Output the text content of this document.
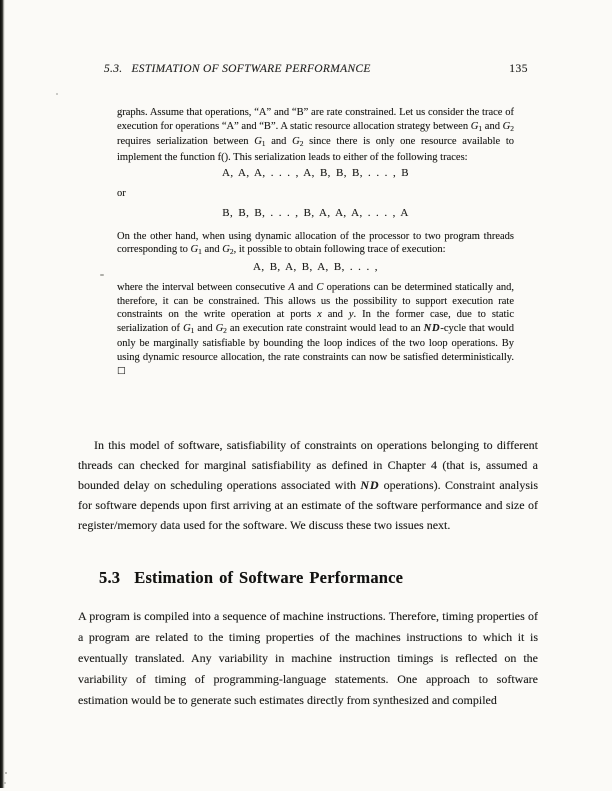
5.3. ESTIMATION OF SOFTWARE PERFORMANCE	135

graphs. Assume that operations, “A” and “B” are rate constrained. Let us consider the trace of execution for operations “A” and “B”. A static resource allocation strategy between $G_1$ and $G_2$ requires serialization between $G_1$ and $G_2$ since there is only one resource available to implement the function f(). This serialization leads to either of the following traces:

A, A, A, . . . , A, B, B, B, . . . , B
or
B, B, B, . . . , B, A, A, A, . . . , A

On the other hand, when using dynamic allocation of the processor to two program threads corresponding to $G_1$ and $G_2$, it possible to obtain following trace of execution:

A, B, A, B, A, B, . . . ,

where the interval between consecutive A and C operations can be determined statically and, therefore, it can be constrained. This allows us the possibility to support execution rate constraints on the write operation at ports x and y. In the former case, due to static serialization of $G_1$ and $G_2$ an execution rate constraint would lead to an ND-cycle that would only be marginally satisfiable by bounding the loop indices of the two loop operations. By using dynamic resource allocation, the rate constraints can now be satisfied deterministically. □

In this model of software, satisfiability of constraints on operations belonging to different threads can checked for marginal satisfiability as defined in Chapter 4 (that is, assumed a bounded delay on scheduling operations associated with ND operations). Constraint analysis for software depends upon first arriving at an estimate of the software performance and size of register/memory data used for the software. We discuss these two issues next.

5.3 Estimation of Software Performance

A program is compiled into a sequence of machine instructions. Therefore, timing properties of a program are related to the timing properties of the machines instructions to which it is eventually translated. Any variability in machine instruction timings is reflected on the variability of timing of programming-language statements. One approach to software estimation would be to generate such estimates directly from synthesized and compiled
